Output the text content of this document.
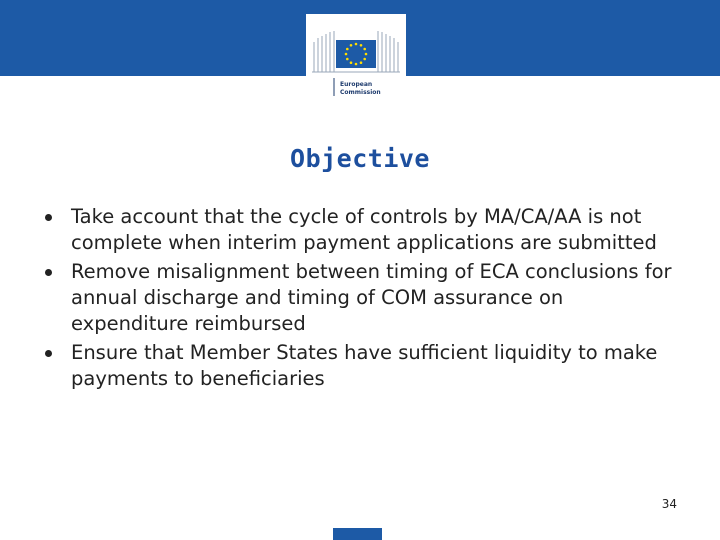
European
Commission
Objective
Take account that the cycle of controls by MA/CA/AA is not complete when interim payment applications are submitted
Remove misalignment between timing of ECA conclusions for annual discharge and timing of COM assurance on expenditure reimbursed
Ensure that Member States have sufficient liquidity to make payments to beneficiaries
34
